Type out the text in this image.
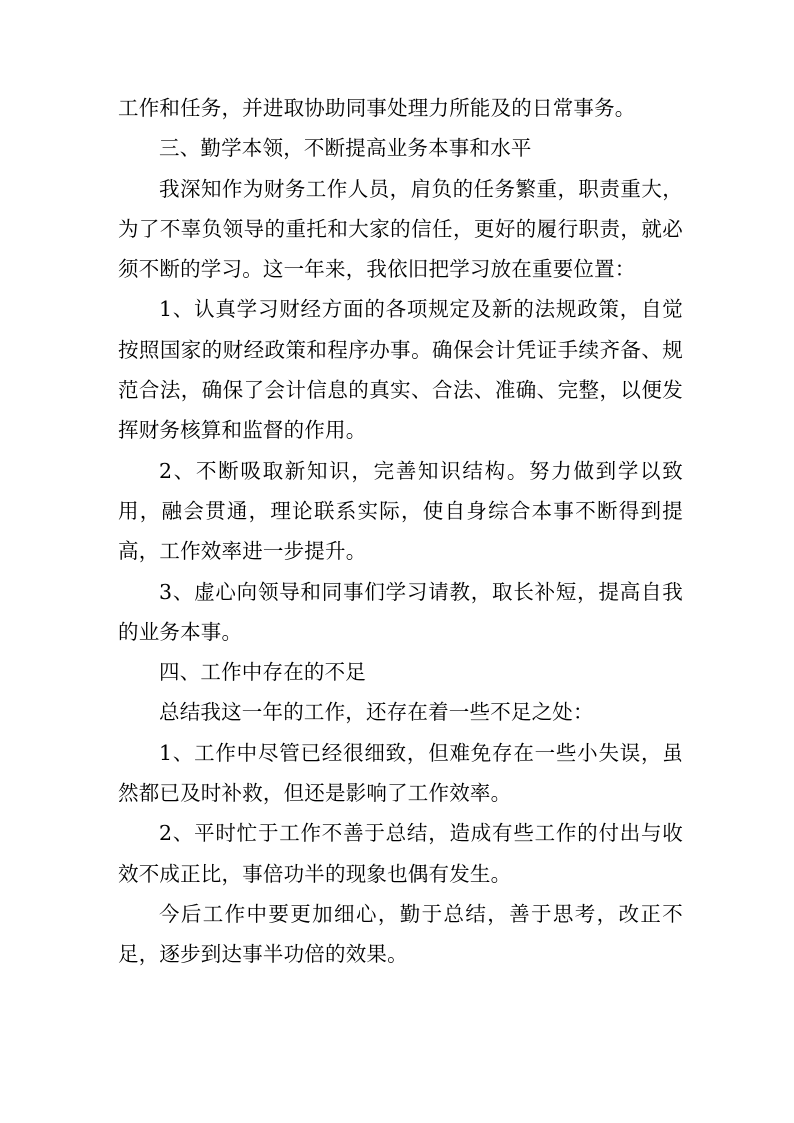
工作和任务，并进取协助同事处理力所能及的日常事务。

三、勤学本领，不断提高业务本事和水平

我深知作为财务工作人员，肩负的任务繁重，职责重大，为了不辜负领导的重托和大家的信任，更好的履行职责，就必须不断的学习。这一年来，我依旧把学习放在重要位置：

1、认真学习财经方面的各项规定及新的法规政策，自觉按照国家的财经政策和程序办事。确保会计凭证手续齐备、规范合法，确保了会计信息的真实、合法、准确、完整，以便发挥财务核算和监督的作用。

2、不断吸取新知识，完善知识结构。努力做到学以致用，融会贯通，理论联系实际，使自身综合本事不断得到提高，工作效率进一步提升。

3、虚心向领导和同事们学习请教，取长补短，提高自我的业务本事。

四、工作中存在的不足

总结我这一年的工作，还存在着一些不足之处：

1、工作中尽管已经很细致，但难免存在一些小失误，虽然都已及时补救，但还是影响了工作效率。

2、平时忙于工作不善于总结，造成有些工作的付出与收效不成正比，事倍功半的现象也偶有发生。

今后工作中要更加细心，勤于总结，善于思考，改正不足，逐步到达事半功倍的效果。
